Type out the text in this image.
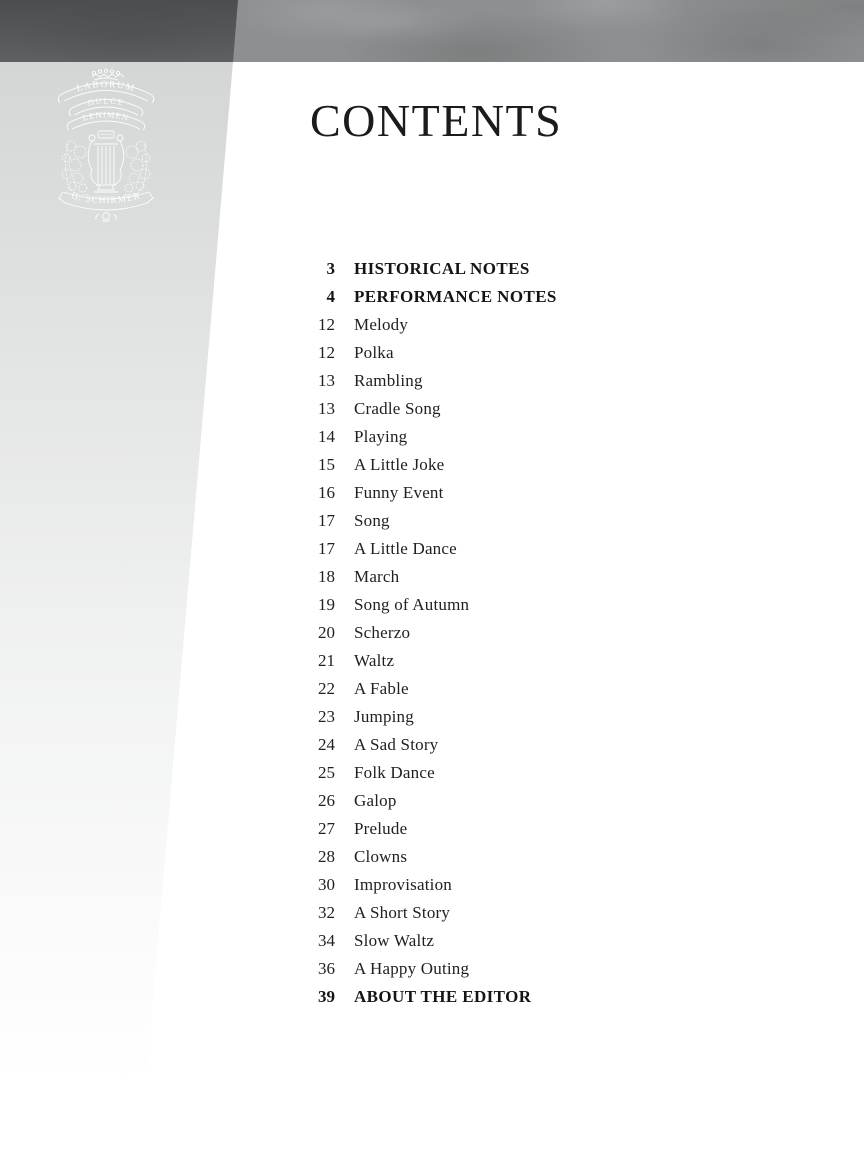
LABORUM
DULCE
LENIMEN
G. SCHIRMER
CONTENTS
3 HISTORICAL NOTES
4 PERFORMANCE NOTES
12 Melody
12 Polka
13 Rambling
13 Cradle Song
14 Playing
15 A Little Joke
16 Funny Event
17 Song
17 A Little Dance
18 March
19 Song of Autumn
20 Scherzo
21 Waltz
22 A Fable
23 Jumping
24 A Sad Story
25 Folk Dance
26 Galop
27 Prelude
28 Clowns
30 Improvisation
32 A Short Story
34 Slow Waltz
36 A Happy Outing
39 ABOUT THE EDITOR
